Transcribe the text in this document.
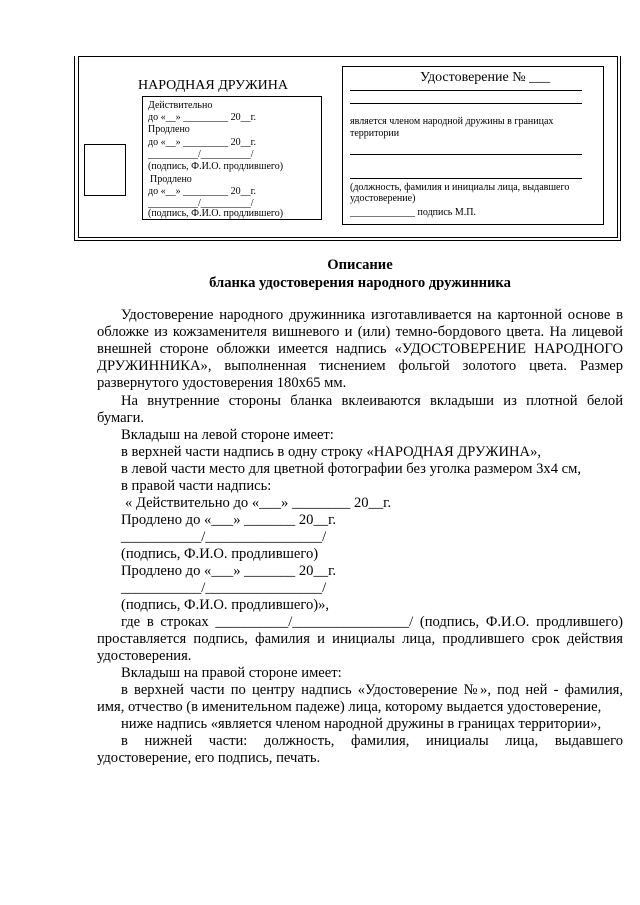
НАРОДНАЯ ДРУЖИНА
Действительно
до «__» _________ 20__г.
Продлено
до «__» _________ 20__г.
__________/__________/
(подпись, Ф.И.О. продлившего)
Продлено
до «__» _________ 20__г.
__________/__________/
(подпись, Ф.И.О. продлившего)
Удостоверение № ___
является членом народной дружины в границах территории
(должность, фамилия и инициалы лица, выдавшего удостоверение)
_____________ подпись М.П.
Описание
бланка удостоверения народного дружинника
Удостоверение народного дружинника изготавливается на картонной основе в обложке из кожзаменителя вишневого и (или) темно-бордового цвета. На лицевой внешней стороне обложки имеется надпись «УДОСТОВЕРЕНИЕ НАРОДНОГО ДРУЖИННИКА», выполненная тиснением фольгой золотого цвета. Размер развернутого удостоверения 180х65 мм.
На внутренние стороны бланка вклеиваются вкладыши из плотной белой бумаги.
Вкладыш на левой стороне имеет:
в верхней части надпись в одну строку «НАРОДНАЯ ДРУЖИНА»,
в левой части место для цветной фотографии без уголка размером 3х4 см,
в правой части надпись:
« Действительно до «___» ________ 20__г.
Продлено до «___» _______ 20__г.
___________/________________/
(подпись, Ф.И.О. продлившего)
Продлено до «___» _______ 20__г.
___________/________________/
(подпись, Ф.И.О. продлившего)»,
где в строках __________/________________/ (подпись, Ф.И.О. продлившего) проставляется подпись, фамилия и инициалы лица, продлившего срок действия удостоверения.
Вкладыш на правой стороне имеет:
в верхней части по центру надпись «Удостоверение №», под ней - фамилия, имя, отчество (в именительном падеже) лица, которому выдается удостоверение,
ниже надпись «является членом народной дружины в границах территории»,
в нижней части: должность, фамилия, инициалы лица, выдавшего удостоверение, его подпись, печать.
